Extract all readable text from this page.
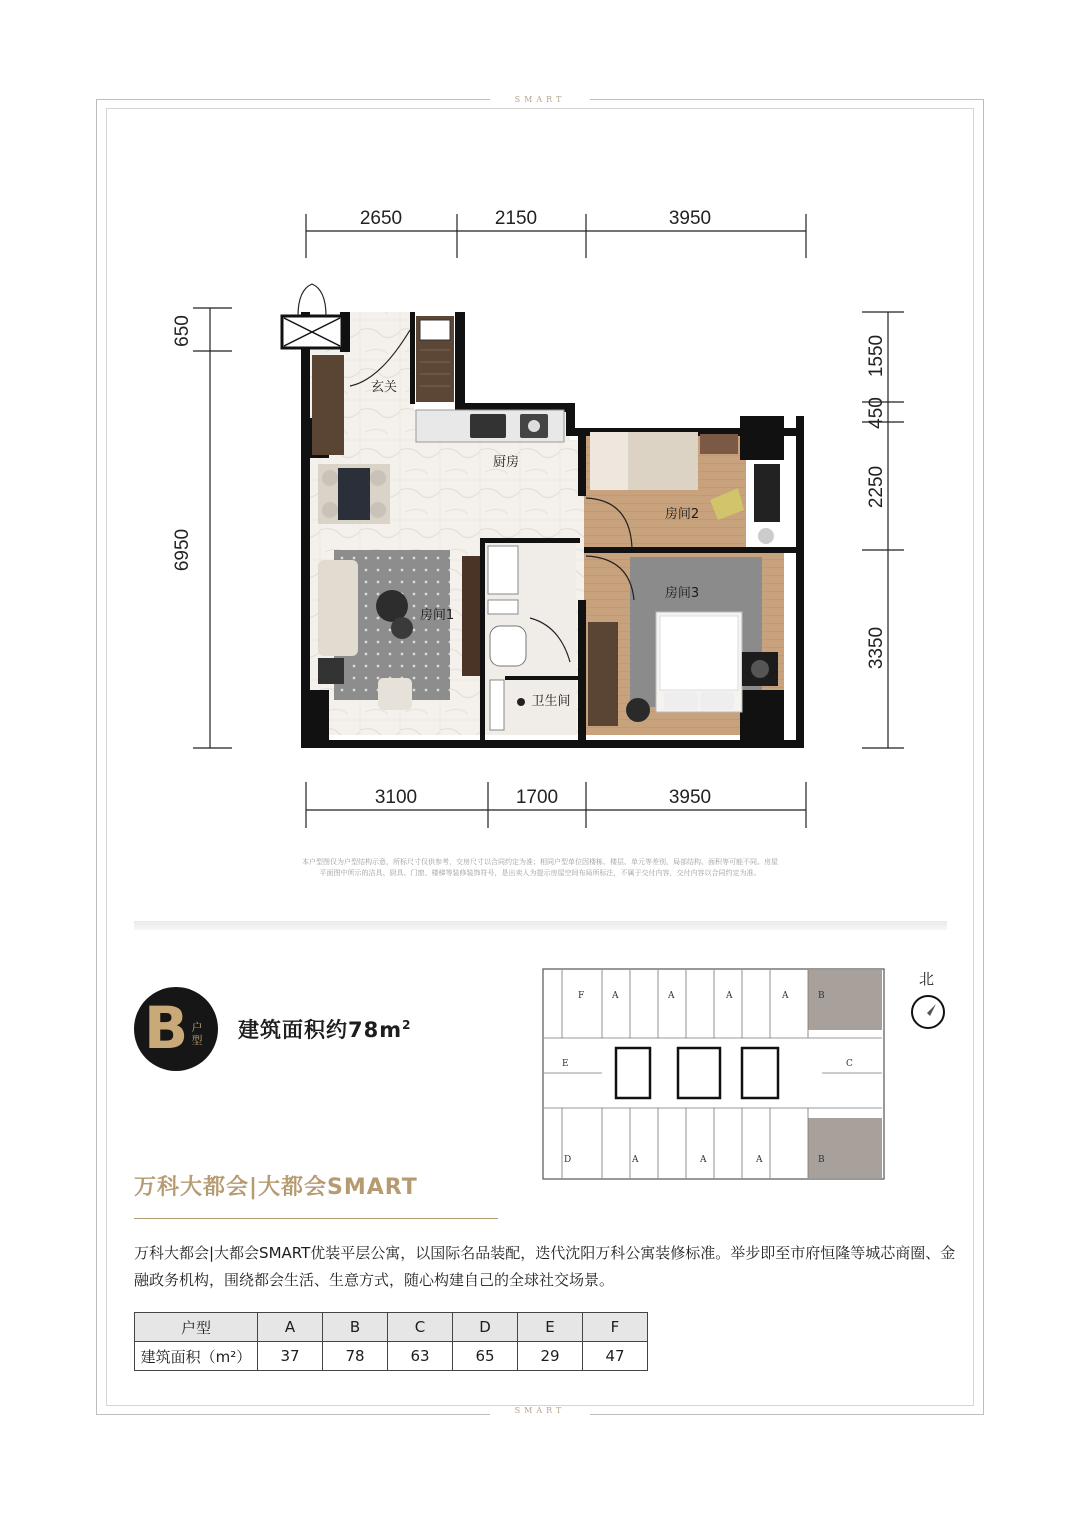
SMART
SMART
2650	2150	3950
3100	1700	3950
650
6950
1550
450
2250
3350
玄关
厨房
房间1
房间2
房间3
卫生间
本户型图仅为户型结构示意，所标尺寸仅供参考，交房尺寸以合同约定为准；相同户型单位因楼栋、楼层、单元等差别，局部结构、面积等可能不同。房屋
平面图中所示的洁具、厨具、门窗、楼梯等装修装饰符号，是出卖人为提示房屋空间布局所标注，不属于交付内容，交付内容以合同约定为准。
B 户型 建筑面积约$78m^2$
F	A	A	A	A	B
E	C
D	A	A	A	B
北
万科大都会|大都会SMART
万科大都会|大都会SMART优装平层公寓，以国际名品装配，迭代沈阳万科公寓装修标准。举步即至市府恒隆等城芯商圈、金融政务机构，围绕都会生活、生意方式，随心构建自己的全球社交场景。
户型	A	B	C	D	E	F
建筑面积（m²）	37	78	63	65	29	47
